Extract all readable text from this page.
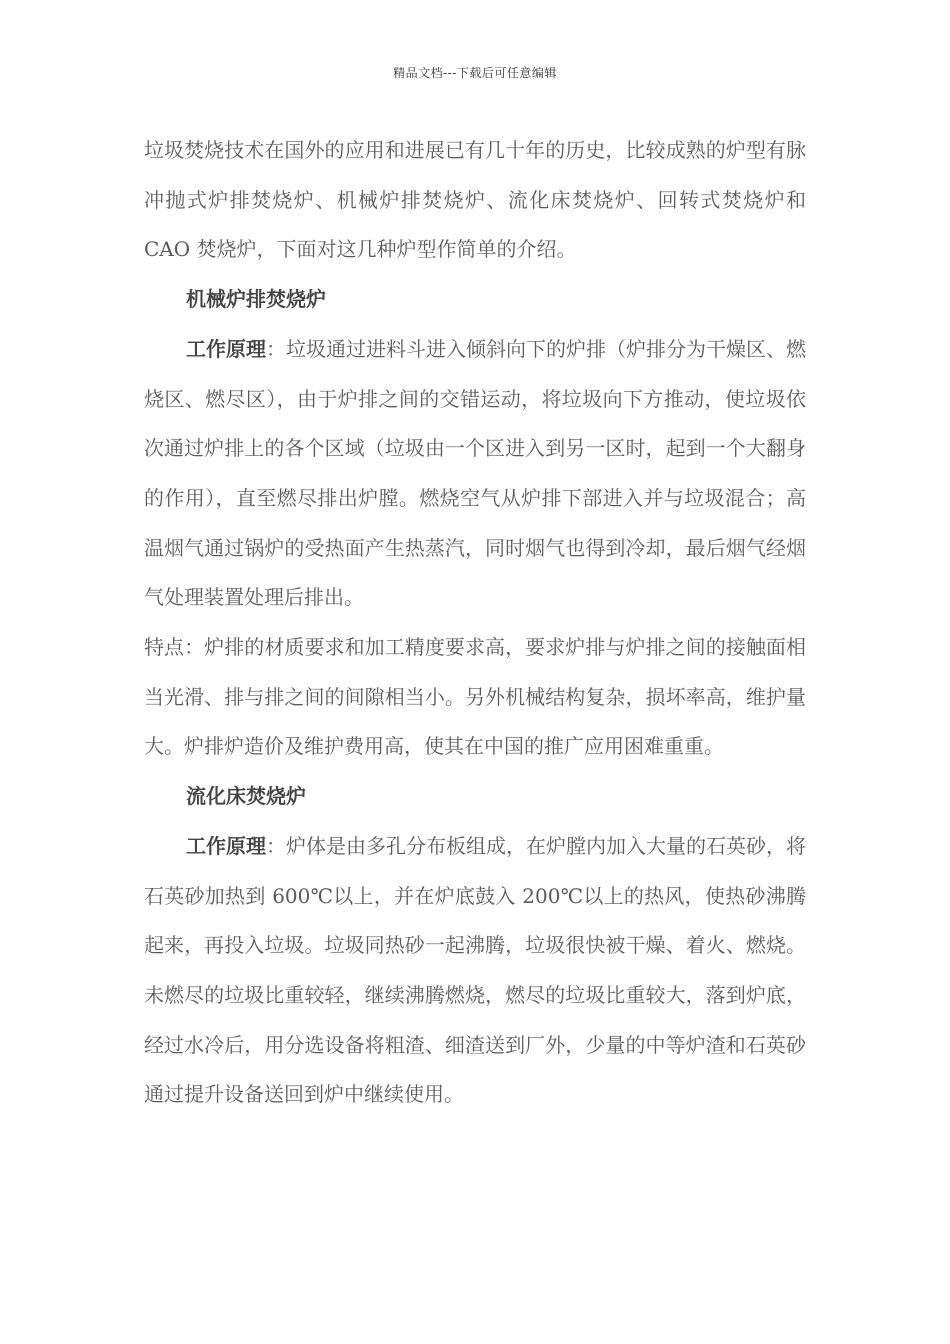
精品文档---下载后可任意编辑

垃圾焚烧技术在国外的应用和进展已有几十年的历史，比较成熟的炉型有脉冲抛式炉排焚烧炉、机械炉排焚烧炉、流化床焚烧炉、回转式焚烧炉和 CAO 焚烧炉，下面对这几种炉型作简单的介绍。

机械炉排焚烧炉

工作原理：垃圾通过进料斗进入倾斜向下的炉排（炉排分为干燥区、燃烧区、燃尽区），由于炉排之间的交错运动，将垃圾向下方推动，使垃圾依次通过炉排上的各个区域（垃圾由一个区进入到另一区时，起到一个大翻身的作用），直至燃尽排出炉膛。燃烧空气从炉排下部进入并与垃圾混合；高温烟气通过锅炉的受热面产生热蒸汽，同时烟气也得到冷却，最后烟气经烟气处理装置处理后排出。

特点：炉排的材质要求和加工精度要求高，要求炉排与炉排之间的接触面相当光滑、排与排之间的间隙相当小。另外机械结构复杂，损坏率高，维护量大。炉排炉造价及维护费用高，使其在中国的推广应用困难重重。

流化床焚烧炉

工作原理：炉体是由多孔分布板组成，在炉膛内加入大量的石英砂，将石英砂加热到 600℃以上，并在炉底鼓入 200℃以上的热风，使热砂沸腾起来，再投入垃圾。垃圾同热砂一起沸腾，垃圾很快被干燥、着火、燃烧。未燃尽的垃圾比重较轻，继续沸腾燃烧，燃尽的垃圾比重较大，落到炉底，经过水冷后，用分选设备将粗渣、细渣送到厂外，少量的中等炉渣和石英砂通过提升设备送回到炉中继续使用。
